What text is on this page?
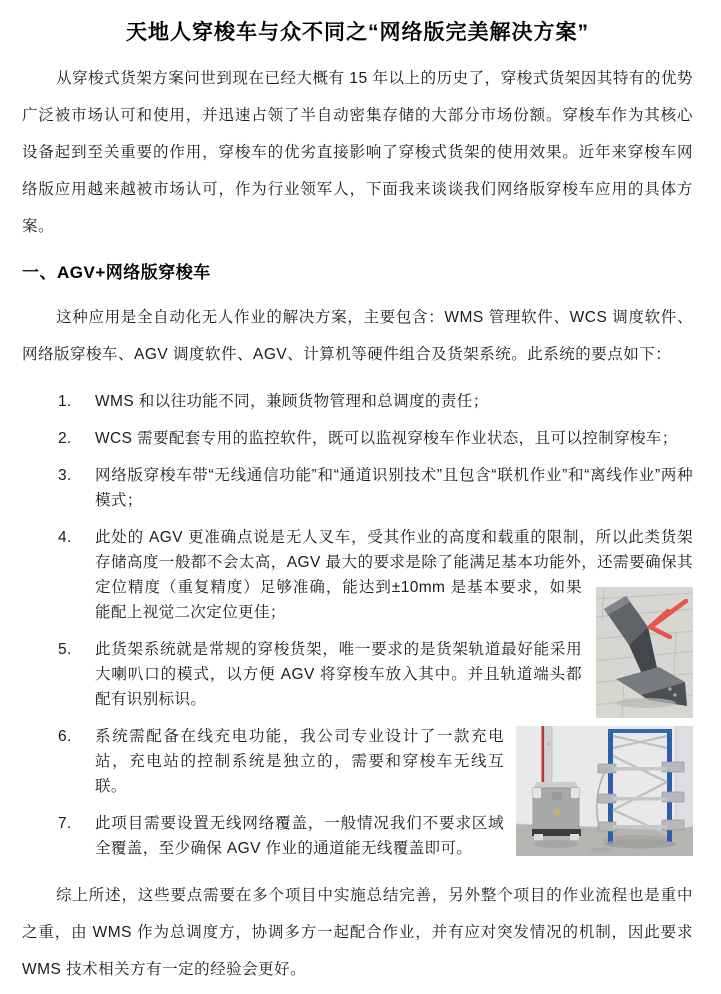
天地人穿梭车与众不同之“网络版完美解决方案”

从穿梭式货架方案问世到现在已经大概有 15 年以上的历史了，穿梭式货架因其特有的优势广泛被市场认可和使用，并迅速占领了半自动密集存储的大部分市场份额。穿梭车作为其核心设备起到至关重要的作用，穿梭车的优劣直接影响了穿梭式货架的使用效果。近年来穿梭车网络版应用越来越被市场认可，作为行业领军人，下面我来谈谈我们网络版穿梭车应用的具体方案。

一、AGV+网络版穿梭车

这种应用是全自动化无人作业的解决方案，主要包含：WMS 管理软件、WCS 调度软件、网络版穿梭车、AGV 调度软件、AGV、计算机等硬件组合及货架系统。此系统的要点如下：

1. WMS 和以往功能不同，兼顾货物管理和总调度的责任；
2. WCS 需要配套专用的监控软件，既可以监视穿梭车作业状态，且可以控制穿梭车；
3. 网络版穿梭车带“无线通信功能”和“通道识别技术”且包含“联机作业”和“离线作业”两种模式；
4. 此处的 AGV 更准确点说是无人叉车，受其作业的高度和载重的限制，所以此类货架存储高度一般都不会太高，AGV 最大的要求是除了能满足基本功能外，还需要确保其定位精度（重复精度）足够准确，能达到±10mm 是基本要求，如果能配上视觉二次定位更佳；
5. 此货架系统就是常规的穿梭货架，唯一要求的是货架轨道最好能采用大喇叭口的模式，以方便 AGV 将穿梭车放入其中。并且轨道端头都配有识别标识。
6. 系统需配备在线充电功能，我公司专业设计了一款充电站，充电站的控制系统是独立的，需要和穿梭车无线互联。
7. 此项目需要设置无线网络覆盖，一般情况我们不要求区域全覆盖，至少确保 AGV 作业的通道能无线覆盖即可。

综上所述，这些要点需要在多个项目中实施总结完善，另外整个项目的作业流程也是重中之重，由 WMS 作为总调度方，协调多方一起配合作业，并有应对突发情况的机制，因此要求 WMS 技术相关方有一定的经验会更好。
